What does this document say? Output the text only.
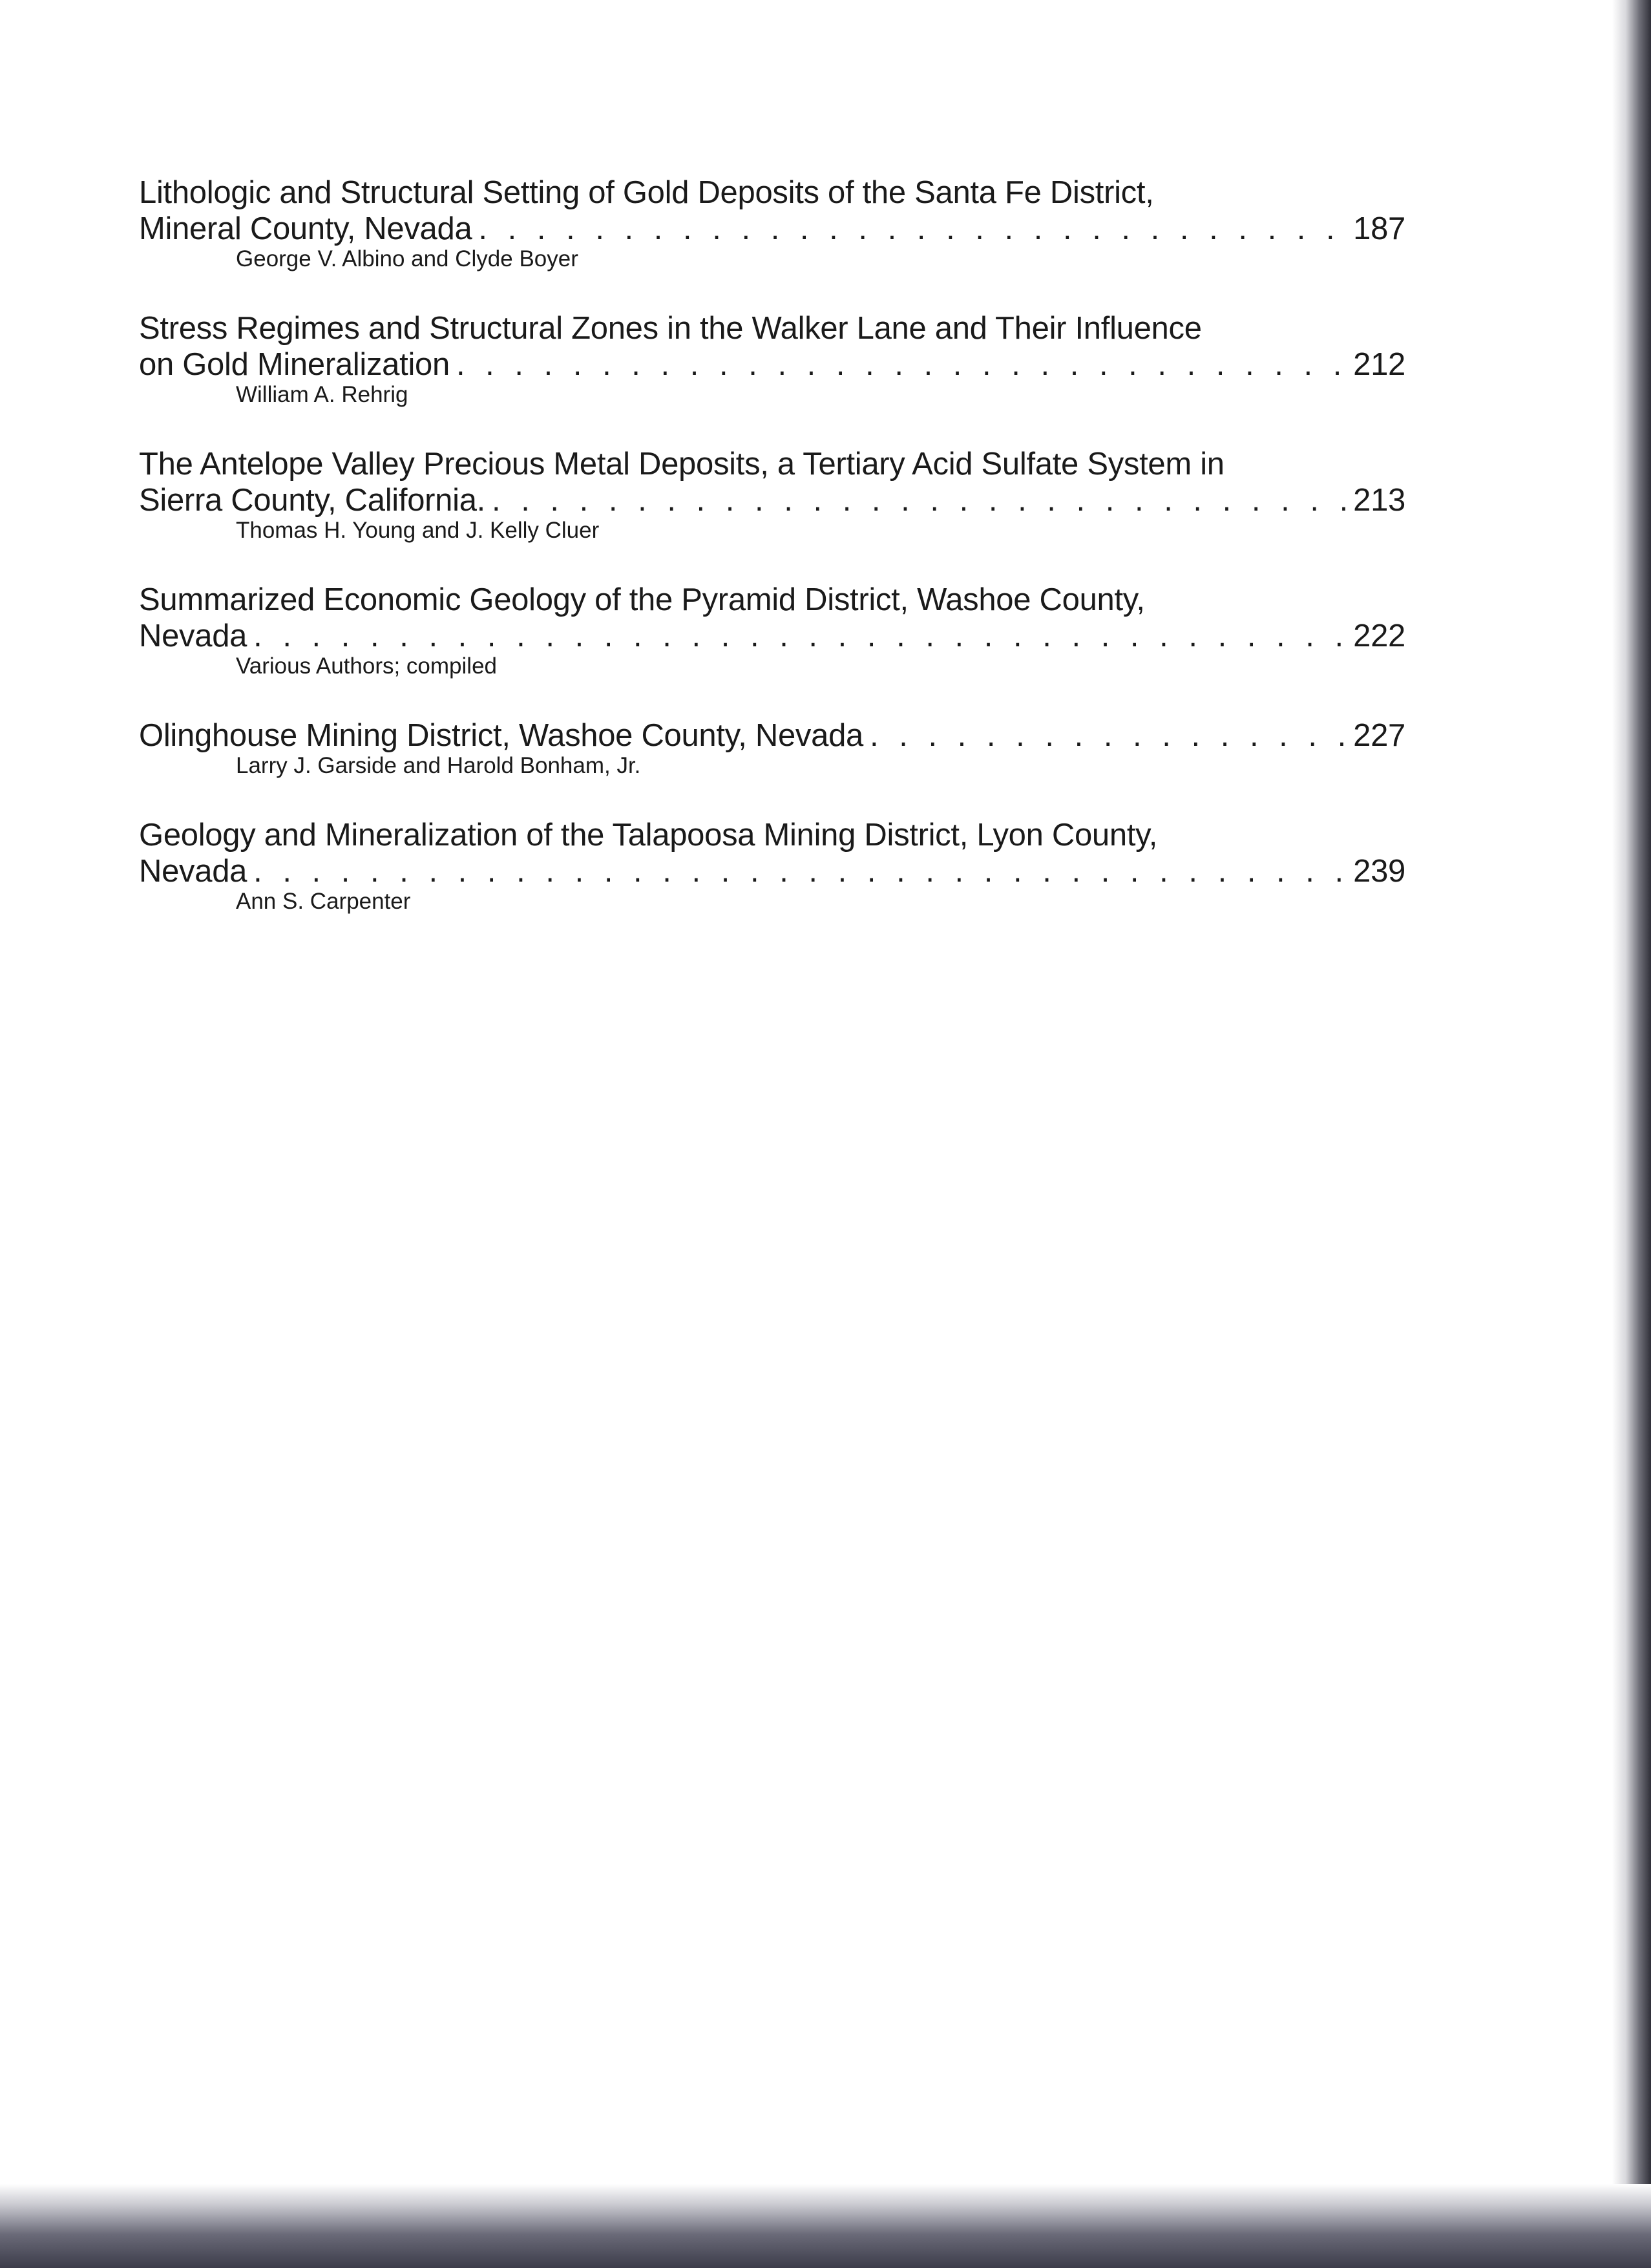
Lithologic and Structural Setting of Gold Deposits of the Santa Fe District,
Mineral County, Nevada . . .	187
George V. Albino and Clyde Boyer
Stress Regimes and Structural Zones in the Walker Lane and Their Influence
on Gold Mineralization . . .	212
William A. Rehrig
The Antelope Valley Precious Metal Deposits, a Tertiary Acid Sulfate System in
Sierra County, California. . . .	213
Thomas H. Young and J. Kelly Cluer
Summarized Economic Geology of the Pyramid District, Washoe County,
Nevada . . .	222
Various Authors; compiled
Olinghouse Mining District, Washoe County, Nevada . . .	227
Larry J. Garside and Harold Bonham, Jr.
Geology and Mineralization of the Talapoosa Mining District, Lyon County,
Nevada . . .	239
Ann S. Carpenter
